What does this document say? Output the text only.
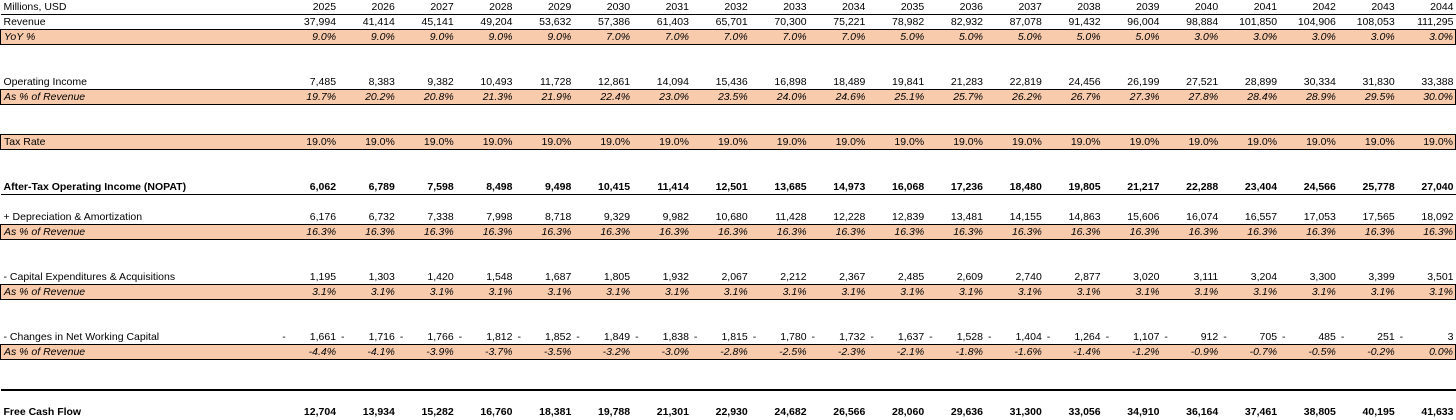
Millions, USD	2025	2026	2027	2028	2029	2030	2031	2032	2033	2034	2035	2036	2037	2038	2039	2040	2041	2042	2043	2044
Revenue	37,994	41,414	45,141	49,204	53,632	57,386	61,403	65,701	70,300	75,221	78,982	82,932	87,078	91,432	96,004	98,884	101,850	104,906	108,053	111,295
YoY %	9.0%	9.0%	9.0%	9.0%	9.0%	7.0%	7.0%	7.0%	7.0%	7.0%	5.0%	5.0%	5.0%	5.0%	5.0%	3.0%	3.0%	3.0%	3.0%	3.0%

Operating Income	7,485	8,383	9,382	10,493	11,728	12,861	14,094	15,436	16,898	18,489	19,841	21,283	22,819	24,456	26,199	27,521	28,899	30,334	31,830	33,388
As % of Revenue	19.7%	20.2%	20.8%	21.3%	21.9%	22.4%	23.0%	23.5%	24.0%	24.6%	25.1%	25.7%	26.2%	26.7%	27.3%	27.8%	28.4%	28.9%	29.5%	30.0%

Tax Rate	19.0%	19.0%	19.0%	19.0%	19.0%	19.0%	19.0%	19.0%	19.0%	19.0%	19.0%	19.0%	19.0%	19.0%	19.0%	19.0%	19.0%	19.0%	19.0%	19.0%

After-Tax Operating Income (NOPAT)	6,062	6,789	7,598	8,498	9,498	10,415	11,414	12,501	13,685	14,973	16,068	17,236	18,480	19,805	21,217	22,288	23,404	24,566	25,778	27,040

+ Depreciation & Amortization	6,176	6,732	7,338	7,998	8,718	9,329	9,982	10,680	11,428	12,228	12,839	13,481	14,155	14,863	15,606	16,074	16,557	17,053	17,565	18,092
As % of Revenue	16.3%	16.3%	16.3%	16.3%	16.3%	16.3%	16.3%	16.3%	16.3%	16.3%	16.3%	16.3%	16.3%	16.3%	16.3%	16.3%	16.3%	16.3%	16.3%	16.3%

- Capital Expenditures & Acquisitions	1,195	1,303	1,420	1,548	1,687	1,805	1,932	2,067	2,212	2,367	2,485	2,609	2,740	2,877	3,020	3,111	3,204	3,300	3,399	3,501
As % of Revenue	3.1%	3.1%	3.1%	3.1%	3.1%	3.1%	3.1%	3.1%	3.1%	3.1%	3.1%	3.1%	3.1%	3.1%	3.1%	3.1%	3.1%	3.1%	3.1%	3.1%

- Changes in Net Working Capital	- 1,661	- 1,716	- 1,766	- 1,812	- 1,852	- 1,849	- 1,838	- 1,815	- 1,780	- 1,732	- 1,637	- 1,528	- 1,404	- 1,264	- 1,107	- 912	- 705	- 485	- 251	- 3
As % of Revenue	-4.4%	-4.1%	-3.9%	-3.7%	-3.5%	-3.2%	-3.0%	-2.8%	-2.5%	-2.3%	-2.1%	-1.8%	-1.6%	-1.4%	-1.2%	-0.9%	-0.7%	-0.5%	-0.2%	0.0%

Free Cash Flow	12,704	13,934	15,282	16,760	18,381	19,788	21,301	22,930	24,682	26,566	28,060	29,636	31,300	33,056	34,910	36,164	37,461	38,805	40,195	41,633
